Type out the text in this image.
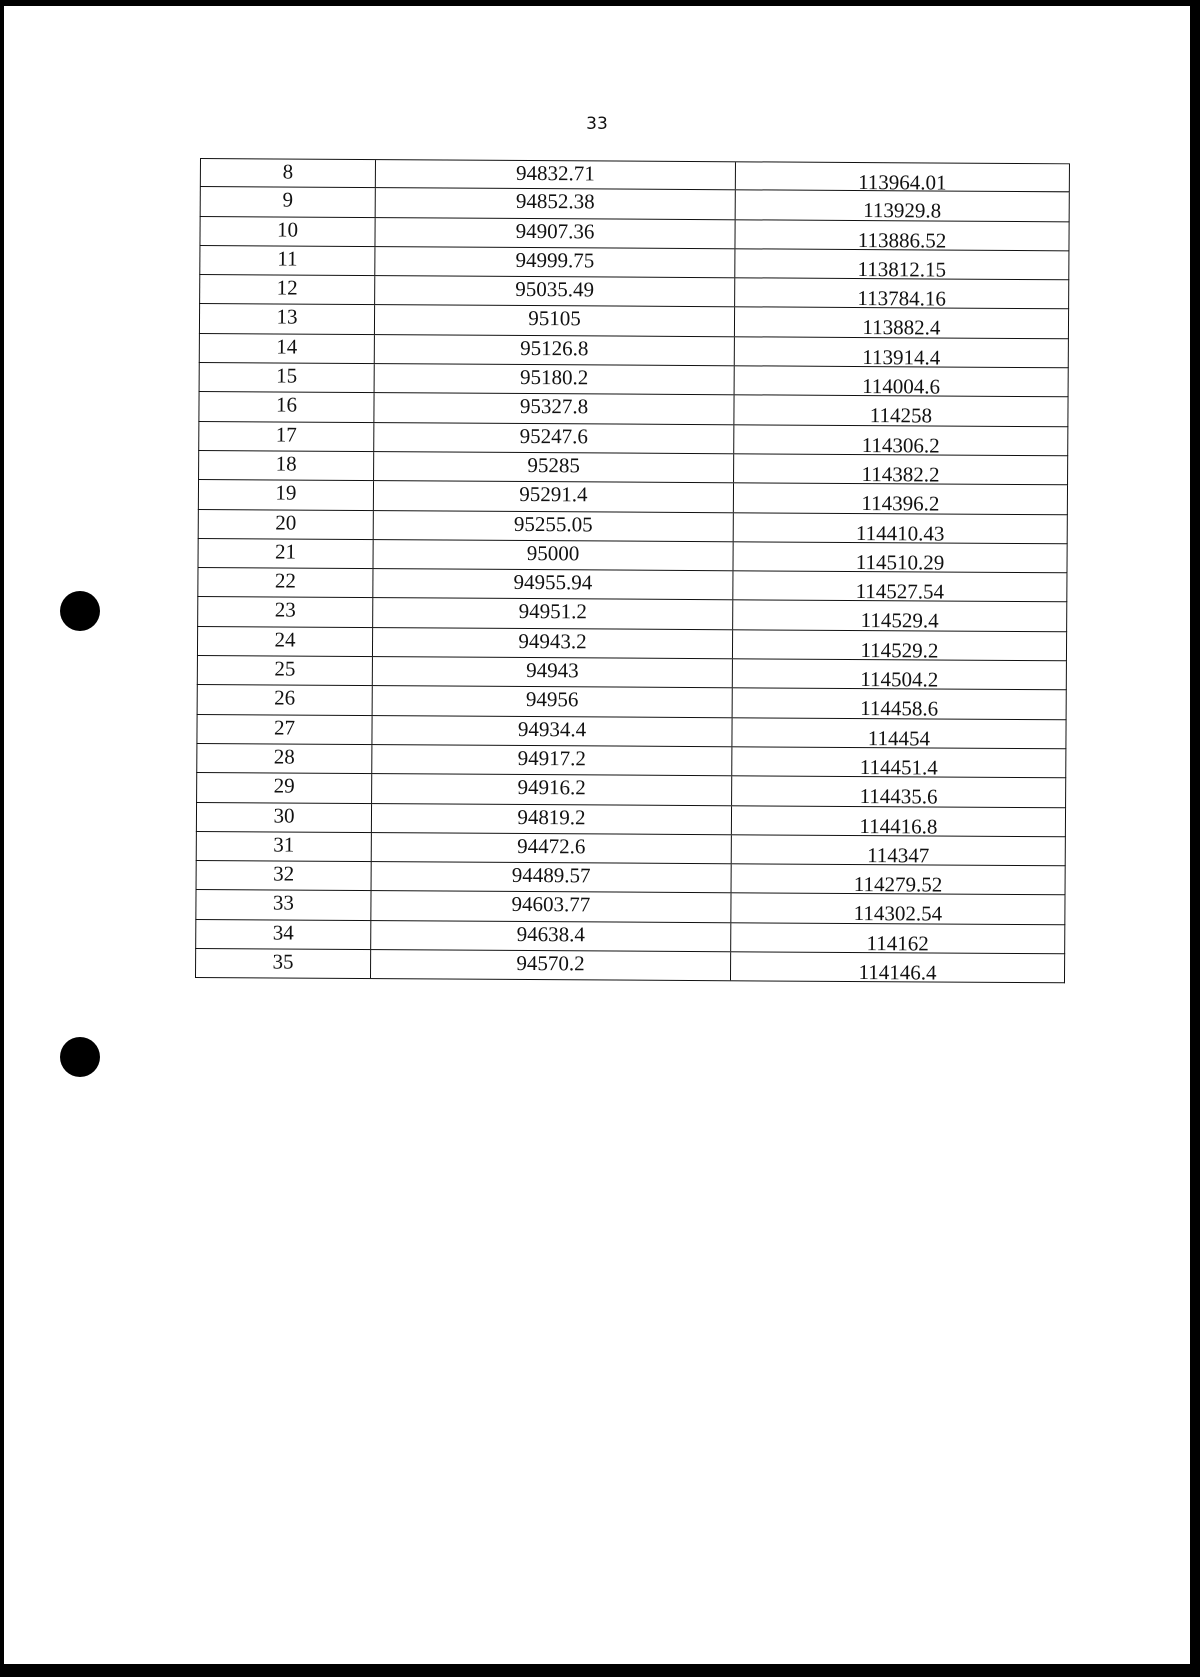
33
8	94832.71	113964.01
9	94852.38	113929.8
10	94907.36	113886.52
11	94999.75	113812.15
12	95035.49	113784.16
13	95105	113882.4
14	95126.8	113914.4
15	95180.2	114004.6
16	95327.8	114258
17	95247.6	114306.2
18	95285	114382.2
19	95291.4	114396.2
20	95255.05	114410.43
21	95000	114510.29
22	94955.94	114527.54
23	94951.2	114529.4
24	94943.2	114529.2
25	94943	114504.2
26	94956	114458.6
27	94934.4	114454
28	94917.2	114451.4
29	94916.2	114435.6
30	94819.2	114416.8
31	94472.6	114347
32	94489.57	114279.52
33	94603.77	114302.54
34	94638.4	114162
35	94570.2	114146.4
